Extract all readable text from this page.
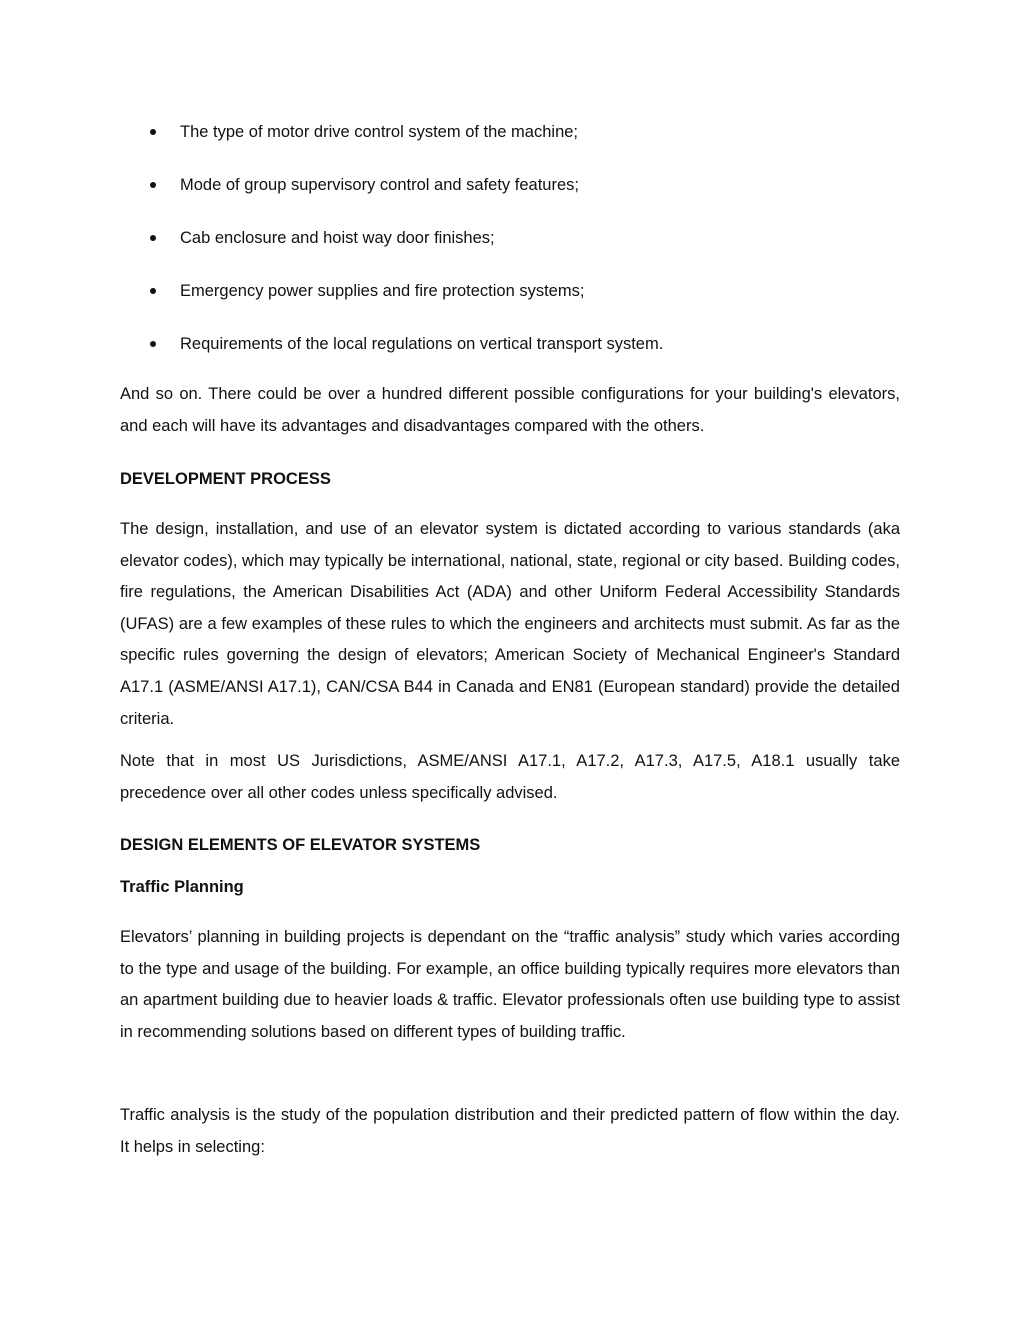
The type of motor drive control system of the machine;
Mode of group supervisory control and safety features;
Cab enclosure and hoist way door finishes;
Emergency power supplies and fire protection systems;
Requirements of the local regulations on vertical transport system.

And so on. There could be over a hundred different possible configurations for your building's elevators, and each will have its advantages and disadvantages compared with the others.

DEVELOPMENT PROCESS

The design, installation, and use of an elevator system is dictated according to various standards (aka elevator codes), which may typically be international, national, state, regional or city based. Building codes, fire regulations, the American Disabilities Act (ADA) and other Uniform Federal Accessibility Standards (UFAS) are a few examples of these rules to which the engineers and architects must submit. As far as the specific rules governing the design of elevators; American Society of Mechanical Engineer's Standard A17.1 (ASME/ANSI A17.1), CAN/CSA B44 in Canada and EN81 (European standard) provide the detailed criteria.

Note that in most US Jurisdictions, ASME/ANSI A17.1, A17.2, A17.3, A17.5, A18.1 usually take precedence over all other codes unless specifically advised.

DESIGN ELEMENTS OF ELEVATOR SYSTEMS
Traffic Planning

Elevators’ planning in building projects is dependant on the “traffic analysis” study which varies according to the type and usage of the building. For example, an office building typically requires more elevators than an apartment building due to heavier loads & traffic. Elevator professionals often use building type to assist in recommending solutions based on different types of building traffic.

Traffic analysis is the study of the population distribution and their predicted pattern of flow within the day. It helps in selecting:
